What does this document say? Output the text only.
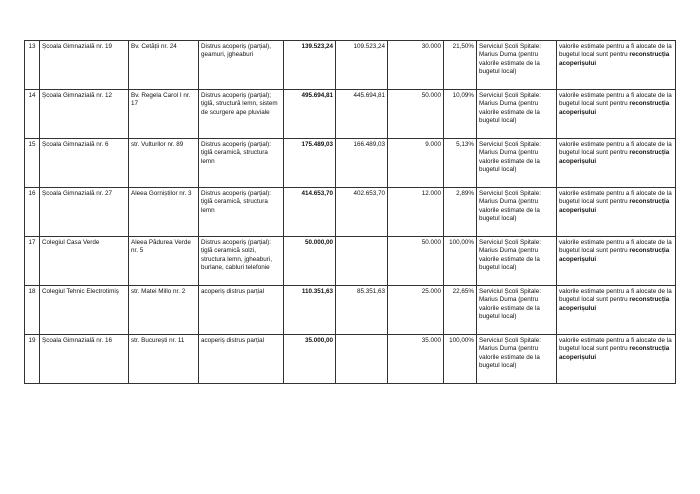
13	Școala Gimnazială nr. 19	Bv. Cetății nr. 24	Distrus acoperiș (parțial), geamuri, jgheaburi	139.523,24	109.523,24	30.000	21,50%	Serviciul Școli Spitale: Marius Duma (pentru valorile estimate de la bugetul local)	valorile estimate pentru a fi alocate de la bugetul local sunt pentru reconstrucția acoperișului
14	Școala Gimnazială nr. 12	Bv. Regela Carol I nr. 17	Distrus acoperiș (parțial); țiglă, structură lemn, sistem de scurgere ape pluviale	495.694,81	445.694,81	50.000	10,09%	Serviciul Școli Spitale: Marius Duma (pentru valorile estimate de la bugetul local)	valorile estimate pentru a fi alocate de la bugetul local sunt pentru reconstrucția acoperișului
15	Școala Gimnazială nr. 6	str. Vulturilor nr. 89	Distrus acoperiș (parțial): țiglă ceramică, structura lemn	175.489,03	166.489,03	9.000	5,13%	Serviciul Școli Spitale: Marius Duma (pentru valorile estimate de la bugetul local)	valorile estimate pentru a fi alocate de la bugetul local sunt pentru reconstrucția acoperișului
16	Școala Gimnazială nr. 27	Aleea Gorniștilor nr. 3	Distrus acoperiș (parțial): țiglă ceramică, structura lemn	414.653,70	402.653,70	12.000	2,89%	Serviciul Școli Spitale: Marius Duma (pentru valorile estimate de la bugetul local)	valorile estimate pentru a fi alocate de la bugetul local sunt pentru reconstrucția acoperișului
17	Colegiul Casa Verde	Aleea Pădurea Verde nr. 5	Distrus acoperiș (parțial): țiglă ceramică solzi, structura lemn, jgheaburi, burlane, cabluri telefonie	50.000,00		50.000	100,00%	Serviciul Școli Spitale: Marius Duma (pentru valorile estimate de la bugetul local)	valorile estimate pentru a fi alocate de la bugetul local sunt pentru reconstrucția acoperișului
18	Colegiul Tehnic Electrotimiș	str. Matei Millo nr. 2	acoperiș distrus parțial	110.351,63	85.351,63	25.000	22,65%	Serviciul Școli Spitale: Marius Duma (pentru valorile estimate de la bugetul local)	valorile estimate pentru a fi alocate de la bugetul local sunt pentru reconstrucția acoperișului
19	Școala Gimnazială nr. 16	str. București nr. 11	acoperiș distrus parțial	35.000,00		35.000	100,00%	Serviciul Școli Spitale: Marius Duma (pentru valorile estimate de la bugetul local)	valorile estimate pentru a fi alocate de la bugetul local sunt pentru reconstrucția acoperișului
